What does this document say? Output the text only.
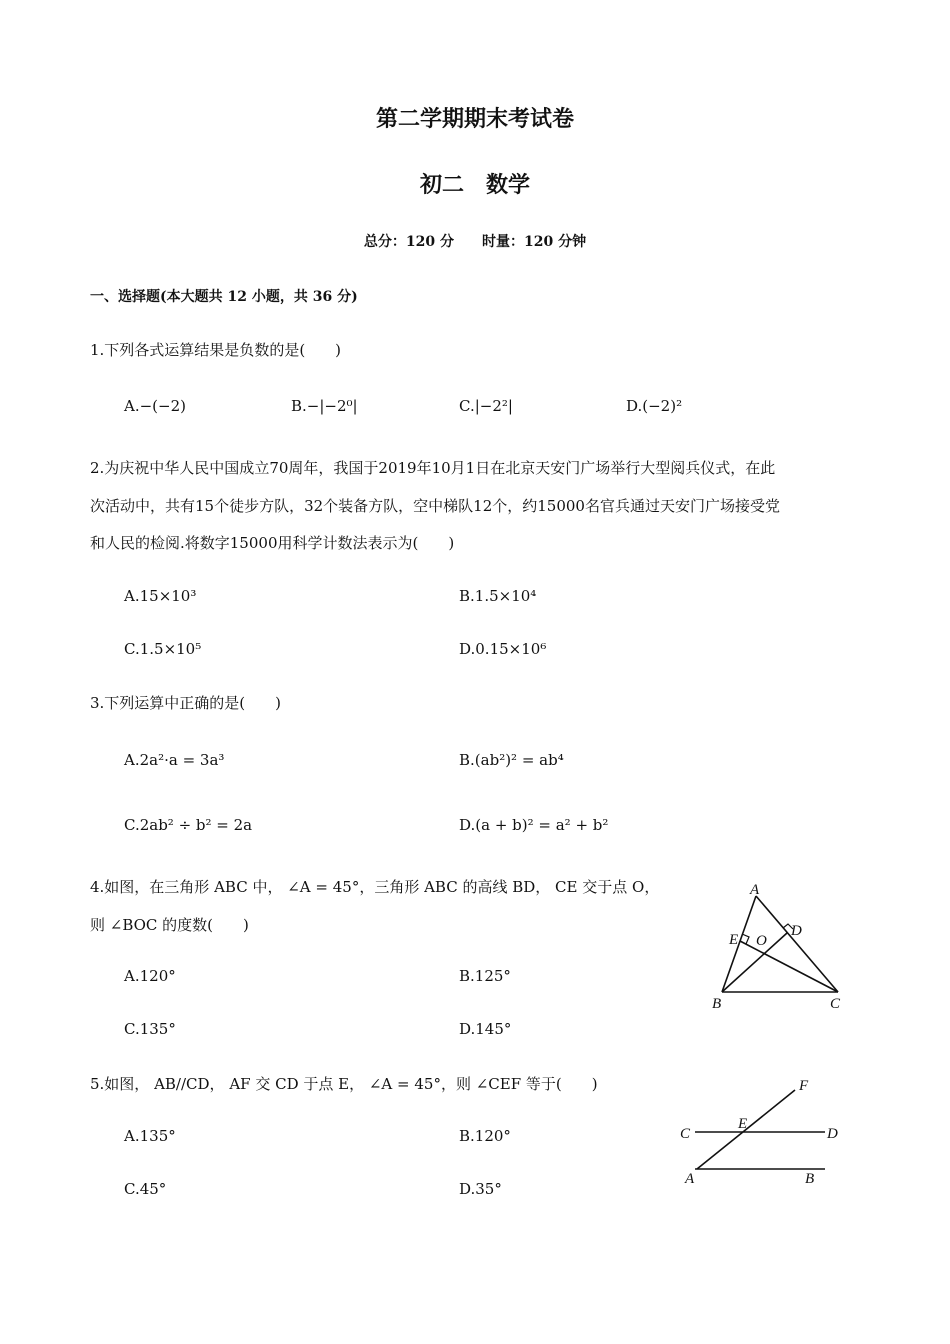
第二学期期末考试卷
初二　数学
总分：120 分　　时量：120 分钟
一、选择题(本大题共 12 小题，共 36 分)
1.下列各式运算结果是负数的是(　　)
A.−(−2)	B.−|−2⁰|	C.|−2²|	D.(−2)²
2.为庆祝中华人民中国成立70周年，我国于2019年10月1日在北京天安门广场举行大型阅兵仪式，在此
次活动中，共有15个徒步方队，32个装备方队，空中梯队12个，约15000名官兵通过天安门广场接受党
和人民的检阅.将数字15000用科学计数法表示为(　　)
A.15×10³	B.1.5×10⁴
C.1.5×10⁵	D.0.15×10⁶
3.下列运算中正确的是(　　)
A.2a²·a = 3a³	B.(ab²)² = ab⁴
C.2ab² ÷ b² = 2a	D.(a + b)² = a² + b²
4.如图，在三角形 ABC 中， ∠A = 45°，三角形 ABC 的高线 BD， CE 交于点 O，
则 ∠BOC 的度数(　　)
A.120°	B.125°
C.135°	D.145°
A
E O
D
B	C
5.如图， AB//CD， AF 交 CD 于点 E， ∠A = 45°，则 ∠CEF 等于(　　)
A.135°	B.120°
C.45°	D.35°
F
C
E
D
A	B
